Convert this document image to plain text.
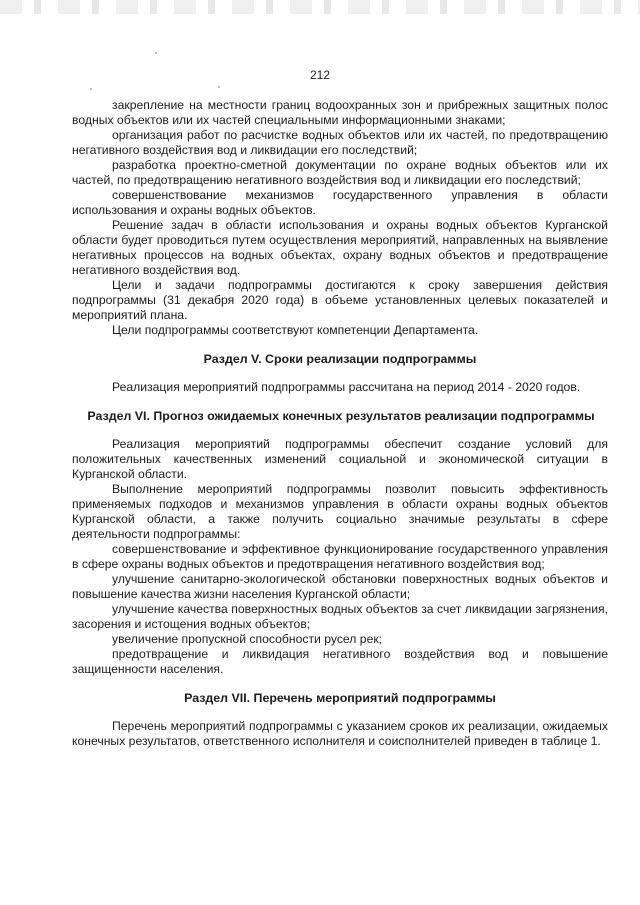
212

закрепление на местности границ водоохранных зон и прибрежных защитных полос водных объектов или их частей специальными информационными знаками;

организация работ по расчистке водных объектов или их частей, по предотвращению негативного воздействия вод и ликвидации его последствий;

разработка проектно-сметной документации по охране водных объектов или их частей, по предотвращению негативного воздействия вод и ликвидации его последствий;

совершенствование механизмов государственного управления в области использования и охраны водных объектов.

Решение задач в области использования и охраны водных объектов Курганской области будет проводиться путем осуществления мероприятий, направленных на выявление негативных процессов на водных объектах, охрану водных объектов и предотвращение негативного воздействия вод.

Цели и задачи подпрограммы достигаются к сроку завершения действия подпрограммы (31 декабря 2020 года) в объеме установленных целевых показателей и мероприятий плана.

Цели подпрограммы соответствуют компетенции Департамента.

Раздел V. Сроки реализации подпрограммы

Реализация мероприятий подпрограммы рассчитана на период 2014 - 2020 годов.

Раздел VI. Прогноз ожидаемых конечных результатов реализации подпрограммы

Реализация мероприятий подпрограммы обеспечит создание условий для положительных качественных изменений социальной и экономической ситуации в Курганской области.

Выполнение мероприятий подпрограммы позволит повысить эффективность применяемых подходов и механизмов управления в области охраны водных объектов Курганской области, а также получить социально значимые результаты в сфере деятельности подпрограммы:

совершенствование и эффективное функционирование государственного управления в сфере охраны водных объектов и предотвращения негативного воздействия вод;

улучшение санитарно-экологической обстановки поверхностных водных объектов и повышение качества жизни населения Курганской области;

улучшение качества поверхностных водных объектов за счет ликвидации загрязнения, засорения и истощения водных объектов;

увеличение пропускной способности русел рек;

предотвращение и ликвидация негативного воздействия вод и повышение защищенности населения.

Раздел VII. Перечень мероприятий подпрограммы

Перечень мероприятий подпрограммы с указанием сроков их реализации, ожидаемых конечных результатов, ответственного исполнителя и соисполнителей приведен в таблице 1.
